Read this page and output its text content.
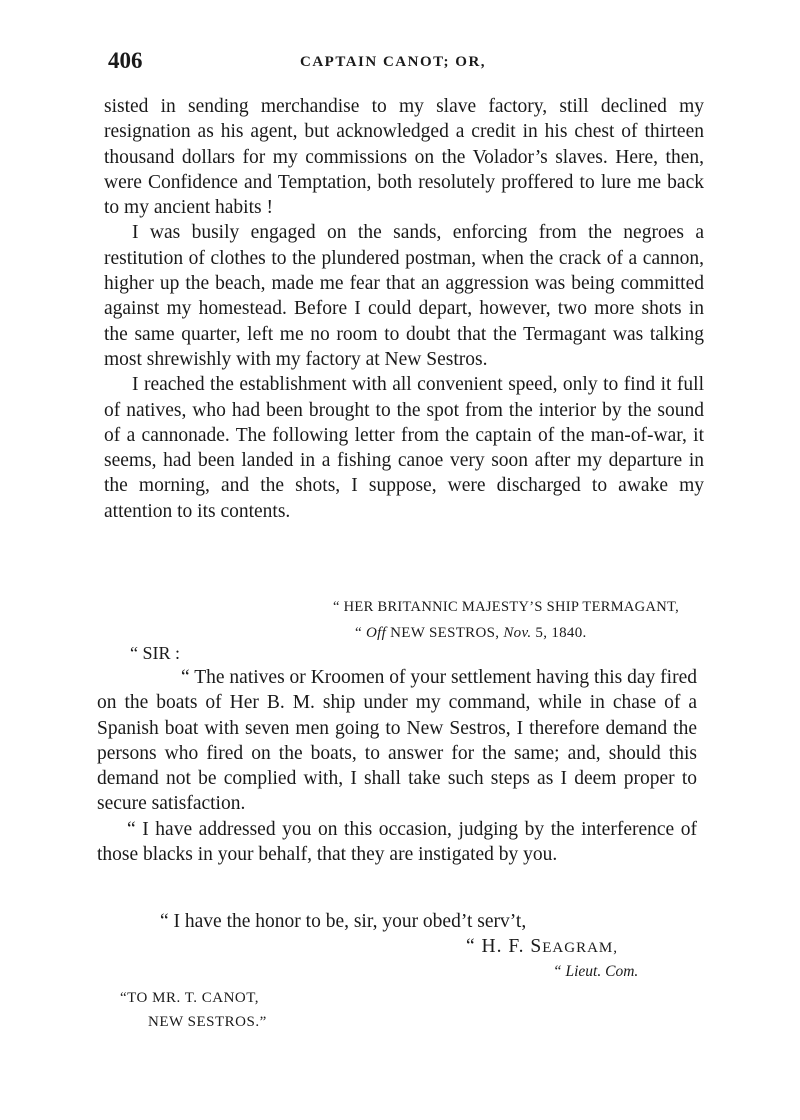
406	CAPTAIN CANOT; OR,

sisted in sending merchandise to my slave factory, still declined my resignation as his agent, but acknowledged a credit in his chest of thirteen thousand dollars for my commissions on the Volador’s slaves. Here, then, were Confidence and Temptation, both resolutely proffered to lure me back to my ancient habits !

I was busily engaged on the sands, enforcing from the negroes a restitution of clothes to the plundered postman, when the crack of a cannon, higher up the beach, made me fear that an aggression was being committed against my homestead. Before I could depart, however, two more shots in the same quarter, left me no room to doubt that the Termagant was talking most shrewishly with my factory at New Sestros.

I reached the establishment with all convenient speed, only to find it full of natives, who had been brought to the spot from the interior by the sound of a cannonade. The following letter from the captain of the man-of-war, it seems, had been landed in a fishing canoe very soon after my departure in the morning, and the shots, I suppose, were discharged to awake my attention to its contents.

“ HER BRITANNIC MAJESTY’S SHIP TERMAGANT,
“ Off NEW SESTROS, Nov. 5, 1840.
“ SIR :

“ The natives or Kroomen of your settlement having this day fired on the boats of Her B. M. ship under my command, while in chase of a Spanish boat with seven men going to New Sestros, I therefore demand the persons who fired on the boats, to answer for the same; and, should this demand not be complied with, I shall take such steps as I deem proper to secure satisfaction.

“ I have addressed you on this occasion, judging by the interference of those blacks in your behalf, that they are instigated by you.

“ I have the honor to be, sir, your obed’t serv’t,
“ H. F. SEAGRAM,
“ Lieut. Com.
“TO MR. T. CANOT,
NEW SESTROS.”
